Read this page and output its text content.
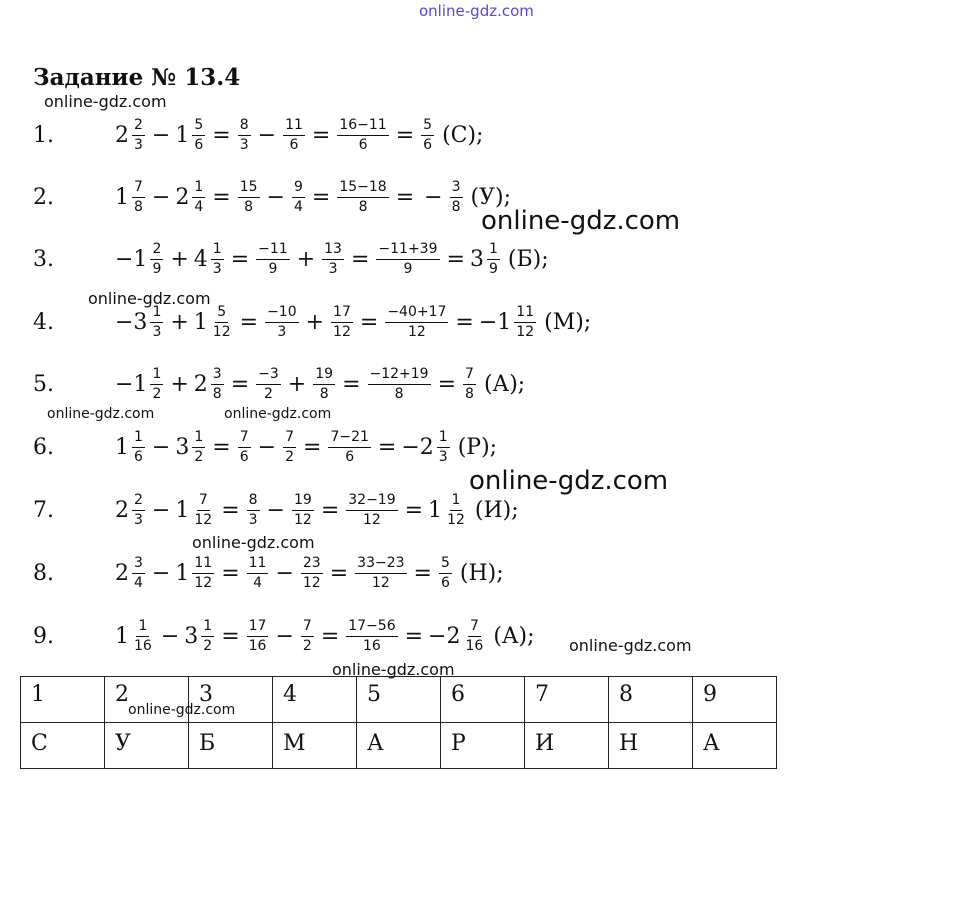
online-gdz.com
Задание № 13.4
1.	$2 \frac{2}{3} - 1 \frac{5}{6} = \frac{8}{3} - \frac{11}{6} = \frac{16-11}{6} = \frac{5}{6} (С)$;
2.	$1 \frac{7}{8} - 2 \frac{1}{4} = \frac{15}{8} - \frac{9}{4} = \frac{15-18}{8}$ = − $\frac{3}{8} (У)$;
3.	$-1 \frac{2}{9} + 4 \frac{1}{3} = \frac{-11}{9} + \frac{13}{3} = \frac{-11+39}{9} = 3 \frac{1}{9} (Б)$;
4.	$-3 \frac{1}{3} + 1 \frac{5}{12} = \frac{-10}{3} + \frac{17}{12} = \frac{-40+17}{12} = -1 \frac{11}{12} (М)$;
5.	$-1 \frac{1}{2} + 2 \frac{3}{8} = \frac{-3}{2} + \frac{19}{8} = \frac{-12+19}{8} = \frac{7}{8} (А)$;
6.	$1 \frac{1}{6} - 3 \frac{1}{2} = \frac{7}{6} - \frac{7}{2} = \frac{7-21}{6} = -2 \frac{1}{3} (Р)$;
7.	$2 \frac{2}{3} - 1 \frac{7}{12} = \frac{8}{3} - \frac{19}{12} = \frac{32-19}{12} = 1 \frac{1}{12} (И)$;
8.	$2 \frac{3}{4} - 1 \frac{11}{12} = \frac{11}{4} - \frac{23}{12} = \frac{33-23}{12} = \frac{5}{6} (Н)$;
9.	$1 \frac{1}{16} - 3 \frac{1}{2} = \frac{17}{16} - \frac{7}{2} = \frac{17-56}{16} = -2 \frac{7}{16} (А)$;
1	2	3	4	5	6	7	8	9
С	У	Б	М	А	Р	И	Н	А
online-gdz.com
online-gdz.com
online-gdz.com
online-gdz.com	online-gdz.com
online-gdz.com
online-gdz.com
online-gdz.com
online-gdz.com
online-gdz.com
